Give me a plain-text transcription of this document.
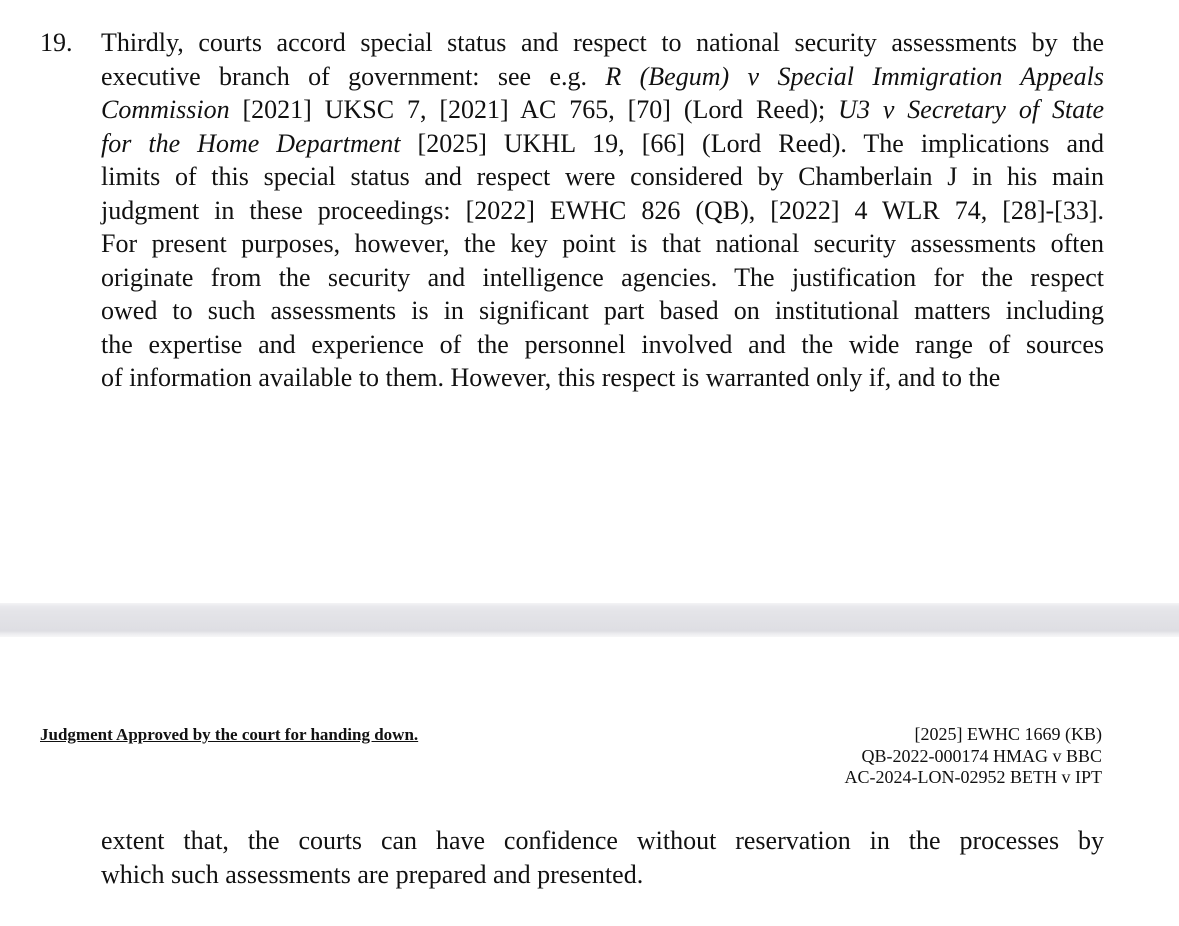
19. Thirdly, courts accord special status and respect to national security assessments by the
executive branch of government: see e.g. R (Begum) v Special Immigration Appeals
Commission [2021] UKSC 7, [2021] AC 765, [70] (Lord Reed); U3 v Secretary of State
for the Home Department [2025] UKHL 19, [66] (Lord Reed). The implications and
limits of this special status and respect were considered by Chamberlain J in his main
judgment in these proceedings: [2022] EWHC 826 (QB), [2022] 4 WLR 74, [28]-[33].
For present purposes, however, the key point is that national security assessments often
originate from the security and intelligence agencies. The justification for the respect
owed to such assessments is in significant part based on institutional matters including
the expertise and experience of the personnel involved and the wide range of sources
of information available to them. However, this respect is warranted only if, and to the
Judgment Approved by the court for handing down.	[2025] EWHC 1669 (KB)
QB-2022-000174 HMAG v BBC
AC-2024-LON-02952 BETH v IPT
extent that, the courts can have confidence without reservation in the processes by
which such assessments are prepared and presented.
